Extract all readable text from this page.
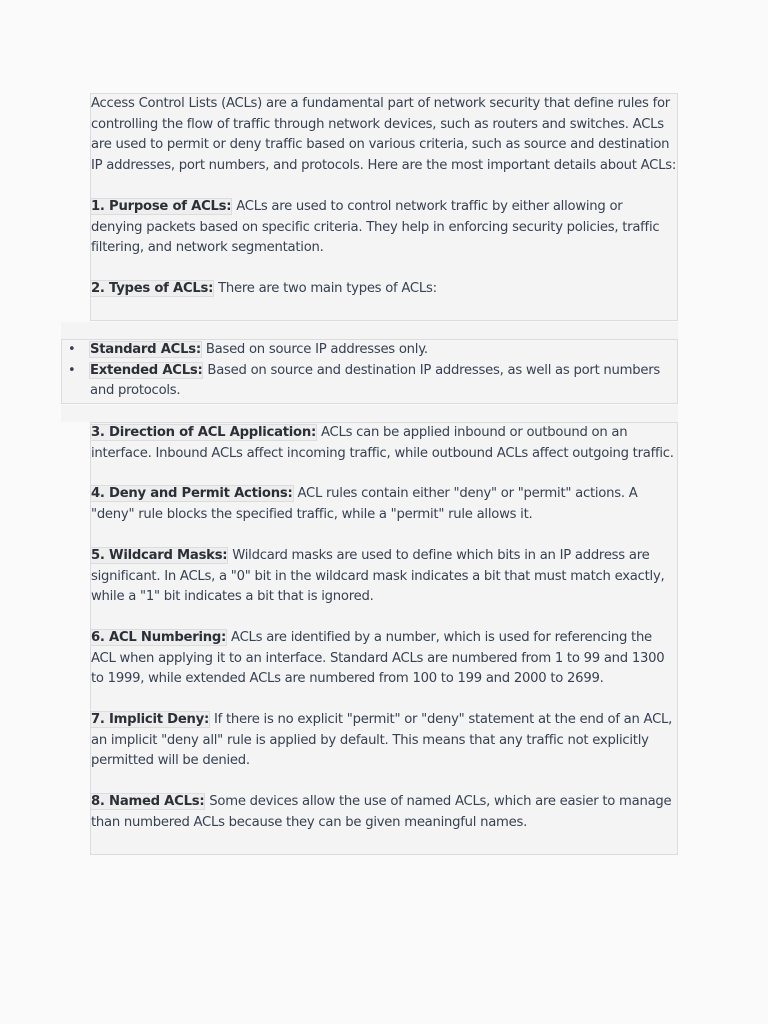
Access Control Lists (ACLs) are a fundamental part of network security that define rules for controlling the flow of traffic through network devices, such as routers and switches. ACLs are used to permit or deny traffic based on various criteria, such as source and destination IP addresses, port numbers, and protocols. Here are the most important details about ACLs:

1. Purpose of ACLs: ACLs are used to control network traffic by either allowing or denying packets based on specific criteria. They help in enforcing security policies, traffic filtering, and network segmentation.

2. Types of ACLs: There are two main types of ACLs:

• Standard ACLs: Based on source IP addresses only.
• Extended ACLs: Based on source and destination IP addresses, as well as port numbers and protocols.

3. Direction of ACL Application: ACLs can be applied inbound or outbound on an interface. Inbound ACLs affect incoming traffic, while outbound ACLs affect outgoing traffic.

4. Deny and Permit Actions: ACL rules contain either "deny" or "permit" actions. A "deny" rule blocks the specified traffic, while a "permit" rule allows it.

5. Wildcard Masks: Wildcard masks are used to define which bits in an IP address are significant. In ACLs, a "0" bit in the wildcard mask indicates a bit that must match exactly, while a "1" bit indicates a bit that is ignored.

6. ACL Numbering: ACLs are identified by a number, which is used for referencing the ACL when applying it to an interface. Standard ACLs are numbered from 1 to 99 and 1300 to 1999, while extended ACLs are numbered from 100 to 199 and 2000 to 2699.

7. Implicit Deny: If there is no explicit "permit" or "deny" statement at the end of an ACL, an implicit "deny all" rule is applied by default. This means that any traffic not explicitly permitted will be denied.

8. Named ACLs: Some devices allow the use of named ACLs, which are easier to manage than numbered ACLs because they can be given meaningful names.
